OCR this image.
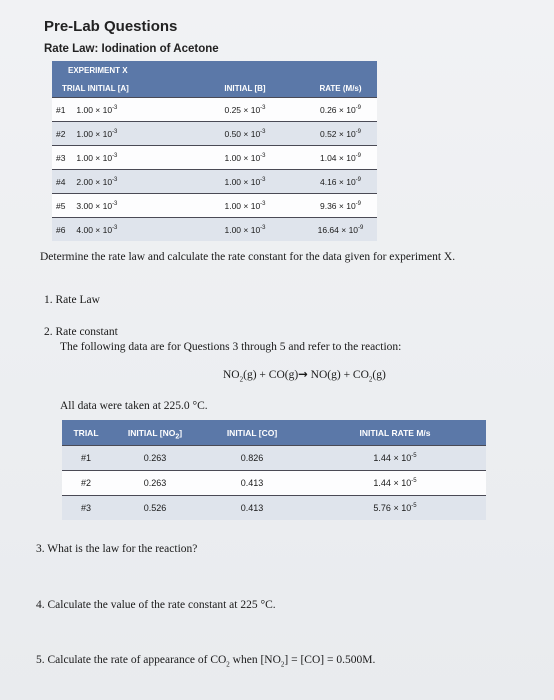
Pre-Lab Questions
Rate Law: Iodination of Acetone
EXPERIMENT X		
TRIAL INITIAL [A]	INITIAL [B]	RATE (M/s)
#1 $1.00 \times 10^{-3}$	$0.25 \times 10^{-3}$	$0.26 \times 10^{-9}$
#2 $1.00 \times 10^{-3}$	$0.50 \times 10^{-3}$	$0.52 \times 10^{-9}$
#3 $1.00 \times 10^{-3}$	$1.00 \times 10^{-3}$	$1.04 \times 10^{-9}$
#4 $2.00 \times 10^{-3}$	$1.00 \times 10^{-3}$	$4.16 \times 10^{-9}$
#5 $3.00 \times 10^{-3}$	$1.00 \times 10^{-3}$	$9.36 \times 10^{-9}$
#6 $4.00 \times 10^{-3}$	$1.00 \times 10^{-3}$	$16.64 \times 10^{-9}$
Determine the rate law and calculate the rate constant for the data given for experiment X.
1. Rate Law
2. Rate constant
The following data are for Questions 3 through 5 and refer to the reaction:
$NO_2(g) + CO(g)\to NO(g) + CO_2(g)$
All data were taken at 225.0 °C.
TRIAL	INITIAL $[NO_2]$	INITIAL [CO]	INITIAL RATE M/s
#1	0.263	0.826	$1.44 \times 10^{-5}$
#2	0.263	0.413	$1.44 \times 10^{-5}$
#3	0.526	0.413	$5.76 \times 10^{-5}$
3. What is the law for the reaction?
4. Calculate the value of the rate constant at 225 °C.
5. Calculate the rate of appearance of $CO_2$ when $[NO_2] = [CO] = 0.500M$.
